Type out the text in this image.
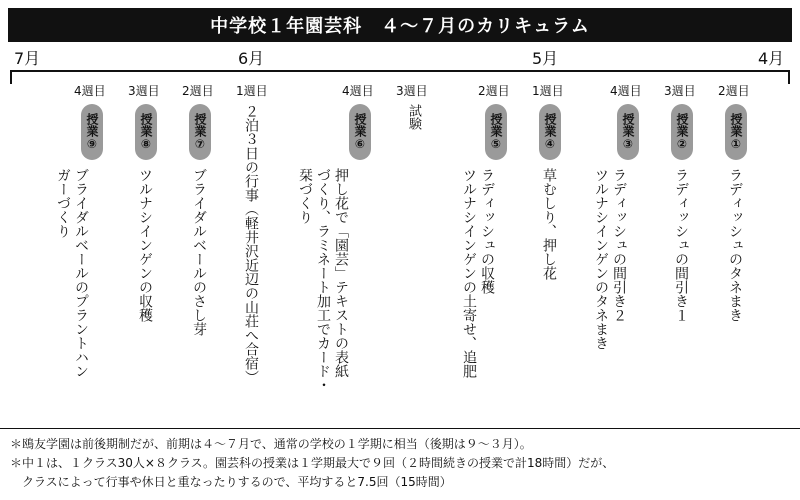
中学校１年園芸科　４〜７月のカリキュラム
7月	6月	5月	4月
4週目
授業⑨
ブライダルベールのプラントハン
ガーづくり
3週目
授業⑧
ツルナシインゲンの収穫
2週目
授業⑦
ブライダルベールのさし芽
1週目
２泊３日の行事（軽井沢近辺の山荘へ合宿）
4週目
授業⑥
押し花で「園芸」テキストの表紙
づくり、ラミネート加工でカード・
栞づくり
3週目
試験
2週目
授業⑤
ラディッシュの収穫
ツルナシインゲンの土寄せ、追肥
1週目
授業④
草むしり、押し花
4週目
授業③
ラディッシュの間引き２
ツルナシインゲンのタネまき
3週目
授業②
ラディッシュの間引き１
2週目
授業①
ラディッシュのタネまき
＊鴎友学園は前後期制だが、前期は４〜７月で、通常の学校の１学期に相当（後期は９〜３月）。
＊中１は、１クラス30人×８クラス。園芸科の授業は１学期最大で９回（２時間続きの授業で計18時間）だが、
　クラスによって行事や休日と重なったりするので、平均すると7.5回（15時間）
